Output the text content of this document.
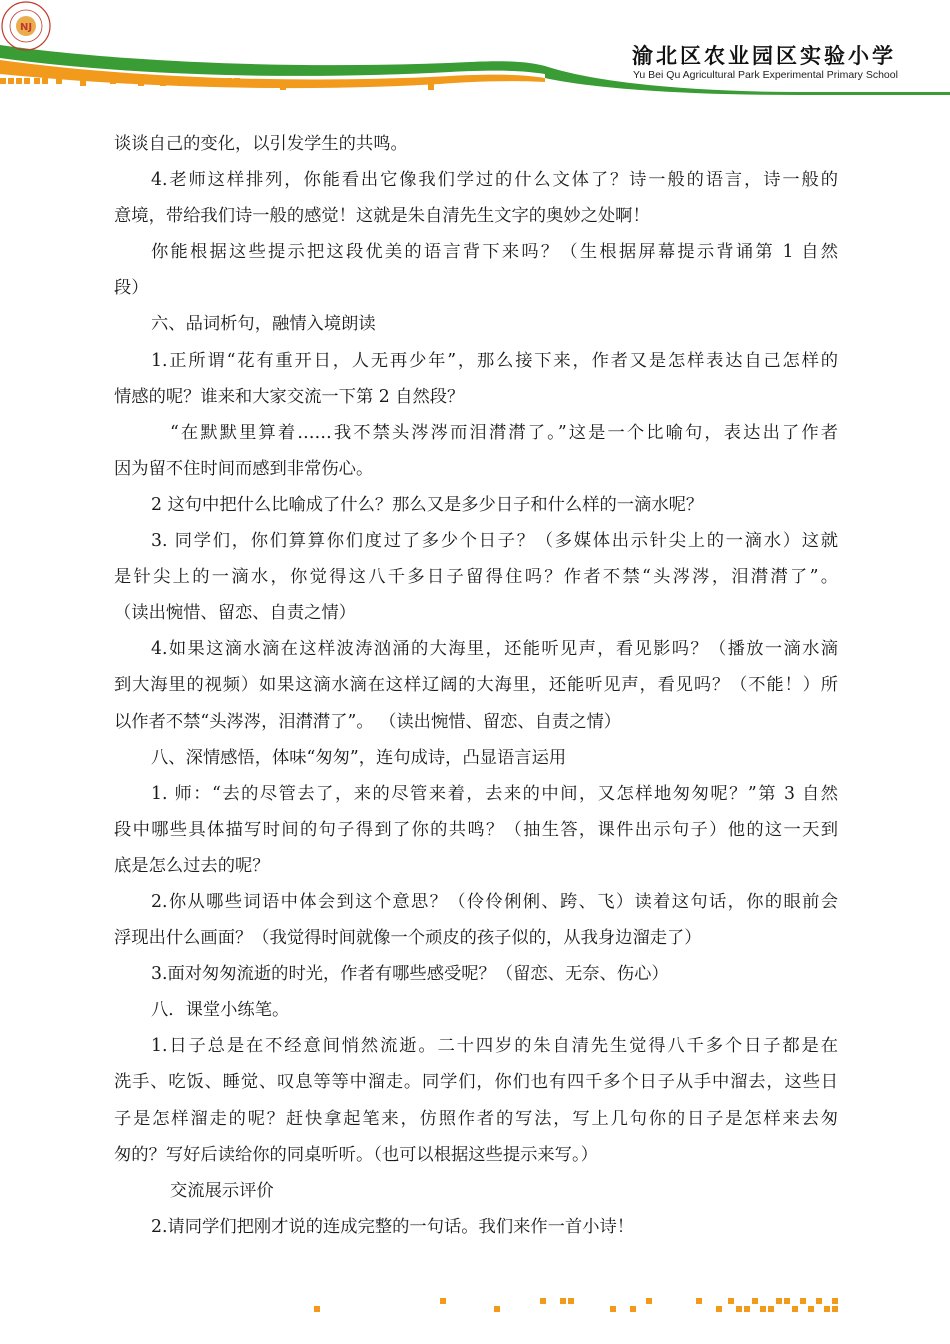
NJ
渝北区农业园区实验小学
Yu Bei Qu Agricultural Park Experimental Primary School
谈谈自己的变化，以引发学生的共鸣。
4.老师这样排列，你能看出它像我们学过的什么文体了？诗一般的语言，诗一般的
意境，带给我们诗一般的感觉！这就是朱自清先生文字的奥妙之处啊！
你能根据这些提示把这段优美的语言背下来吗？（生根据屏幕提示背诵第 1 自然
段）
六、品词析句，融情入境朗读
1.正所谓“花有重开日，人无再少年”，那么接下来，作者又是怎样表达自己怎样的
情感的呢？谁来和大家交流一下第 2 自然段？
“在默默里算着……我不禁头涔涔而泪潸潸了。”这是一个比喻句，表达出了作者
因为留不住时间而感到非常伤心。
2 这句中把什么比喻成了什么？那么又是多少日子和什么样的一滴水呢？
3. 同学们，你们算算你们度过了多少个日子？（多媒体出示针尖上的一滴水）这就
是针尖上的一滴水，你觉得这八千多日子留得住吗？作者不禁“头涔涔，泪潸潸了”。
（读出惋惜、留恋、自责之情）
4.如果这滴水滴在这样波涛汹涌的大海里，还能听见声，看见影吗？（播放一滴水滴
到大海里的视频）如果这滴水滴在这样辽阔的大海里，还能听见声，看见吗？（不能！）所
以作者不禁“头涔涔，泪潸潸了”。 （读出惋惜、留恋、自责之情）
八、深情感悟，体味“匆匆”，连句成诗，凸显语言运用
1. 师：“去的尽管去了，来的尽管来着，去来的中间，又怎样地匆匆呢？”第 3 自然
段中哪些具体描写时间的句子得到了你的共鸣？（抽生答，课件出示句子）他的这一天到
底是怎么过去的呢？
2.你从哪些词语中体会到这个意思？（伶伶俐俐、跨、飞）读着这句话，你的眼前会
浮现出什么画面？（我觉得时间就像一个顽皮的孩子似的，从我身边溜走了）
3.面对匆匆流逝的时光，作者有哪些感受呢？（留恋、无奈、伤心）
八．课堂小练笔。
1.日子总是在不经意间悄然流逝。二十四岁的朱自清先生觉得八千多个日子都是在
洗手、吃饭、睡觉、叹息等等中溜走。同学们，你们也有四千多个日子从手中溜去，这些日
子是怎样溜走的呢？赶快拿起笔来，仿照作者的写法，写上几句你的日子是怎样来去匆
匆的？写好后读给你的同桌听听。（也可以根据这些提示来写。）
交流展示评价
2.请同学们把刚才说的连成完整的一句话。我们来作一首小诗！
